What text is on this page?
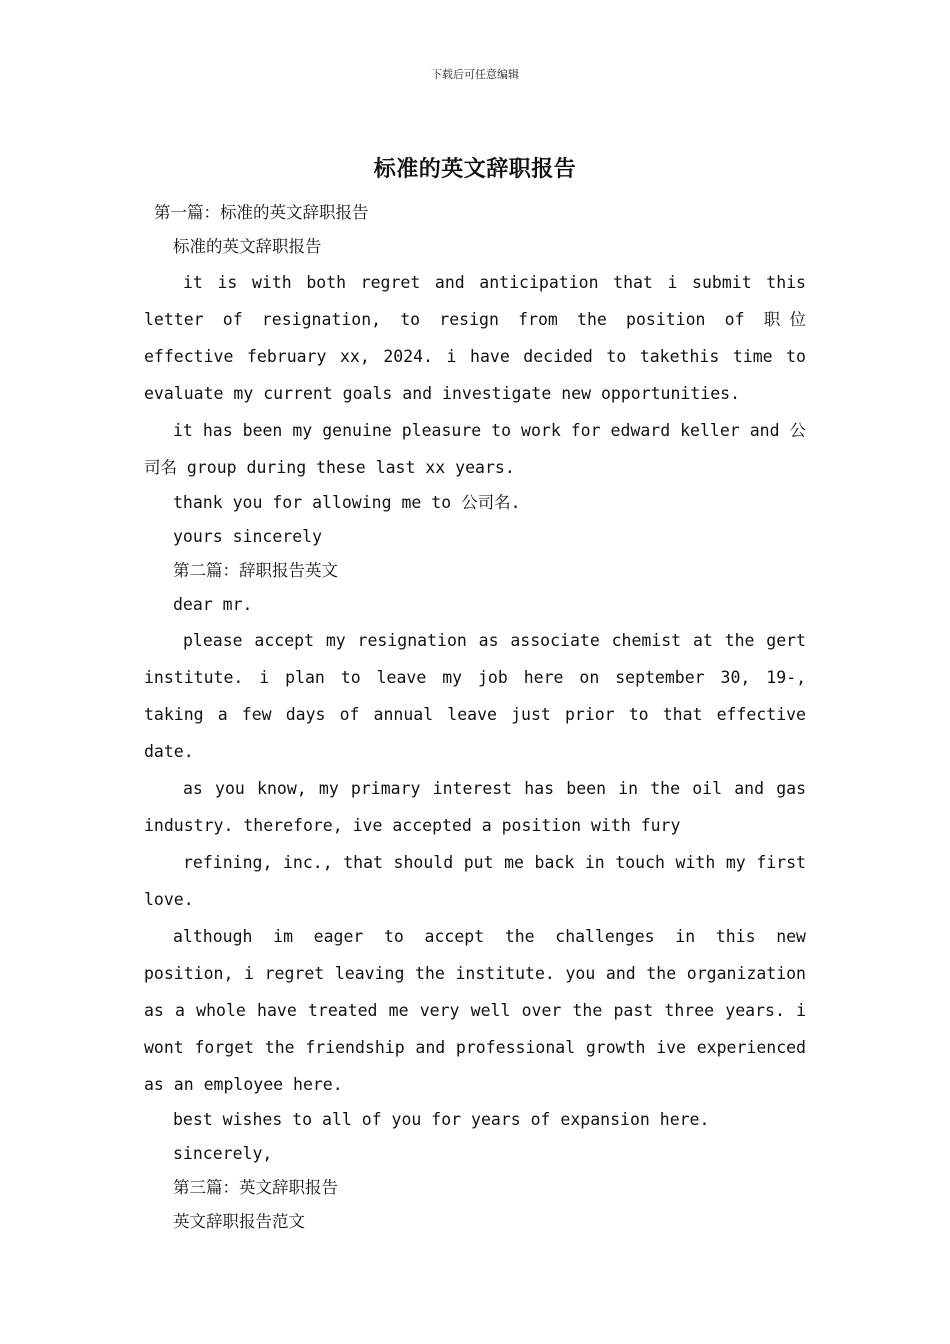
下载后可任意编辑
标准的英文辞职报告
第一篇：标准的英文辞职报告
标准的英文辞职报告

it is with both regret and anticipation that i submit this letter of resignation, to resign from the position of 职位 effective february xx, 2024. i have decided to takethis time to evaluate my current goals and investigate new opportunities.

it has been my genuine pleasure to work for edward keller and 公司名 group during these last xx years.

thank you for allowing me to 公司名.
yours sincerely
第二篇：辞职报告英文
dear mr.

please accept my resignation as associate chemist at the gert institute. i plan to leave my job here on september 30, 19-, taking a few days of annual leave just prior to that effective date.

as you know, my primary interest has been in the oil and gas industry. therefore, ive accepted a position with fury

refining, inc., that should put me back in touch with my first love.

although im eager to accept the challenges in this new position, i regret leaving the institute. you and the organization as a whole have treated me very well over the past three years. i wont forget the friendship and professional growth ive experienced as an employee here.

best wishes to all of you for years of expansion here.
sincerely,
第三篇：英文辞职报告
英文辞职报告范文
